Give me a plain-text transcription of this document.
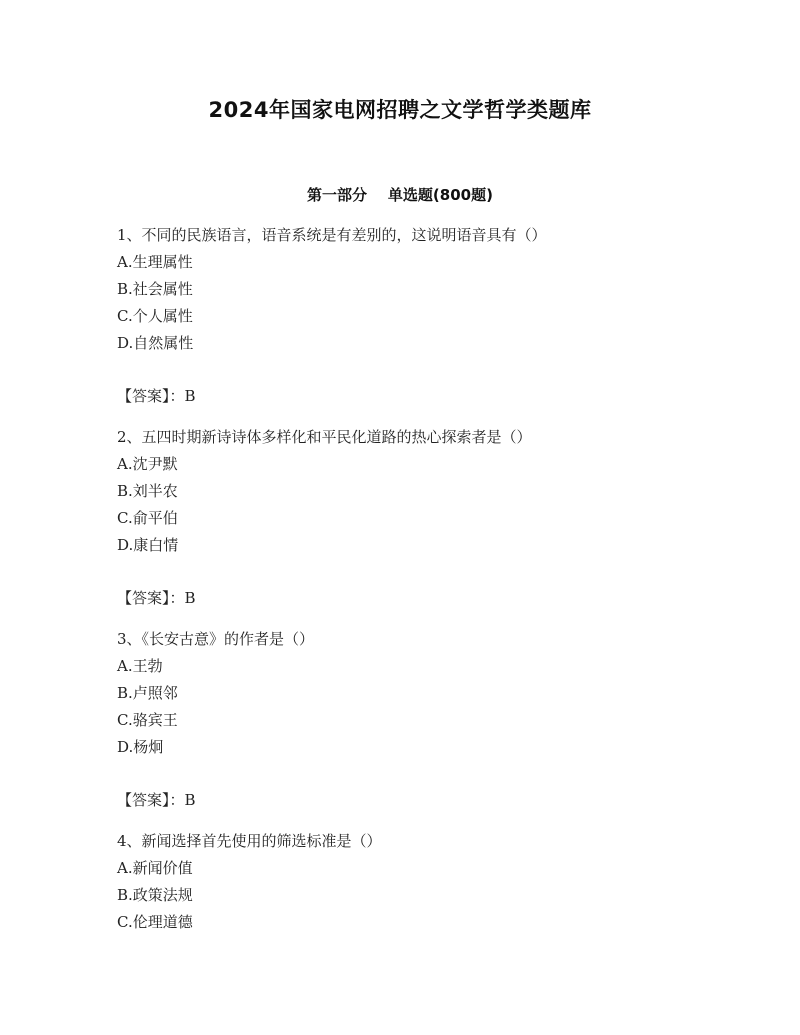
2024年国家电网招聘之文学哲学类题库
第一部分    单选题(800题)
1、不同的民族语言，语音系统是有差别的，这说明语音具有（）
A.生理属性
B.社会属性
C.个人属性
D.自然属性
【答案】：B
2、五四时期新诗诗体多样化和平民化道路的热心探索者是（）
A.沈尹默
B.刘半农
C.俞平伯
D.康白情
【答案】：B
3、《长安古意》的作者是（）
A.王勃
B.卢照邻
C.骆宾王
D.杨炯
【答案】：B
4、新闻选择首先使用的筛选标准是（）
A.新闻价值
B.政策法规
C.伦理道德
